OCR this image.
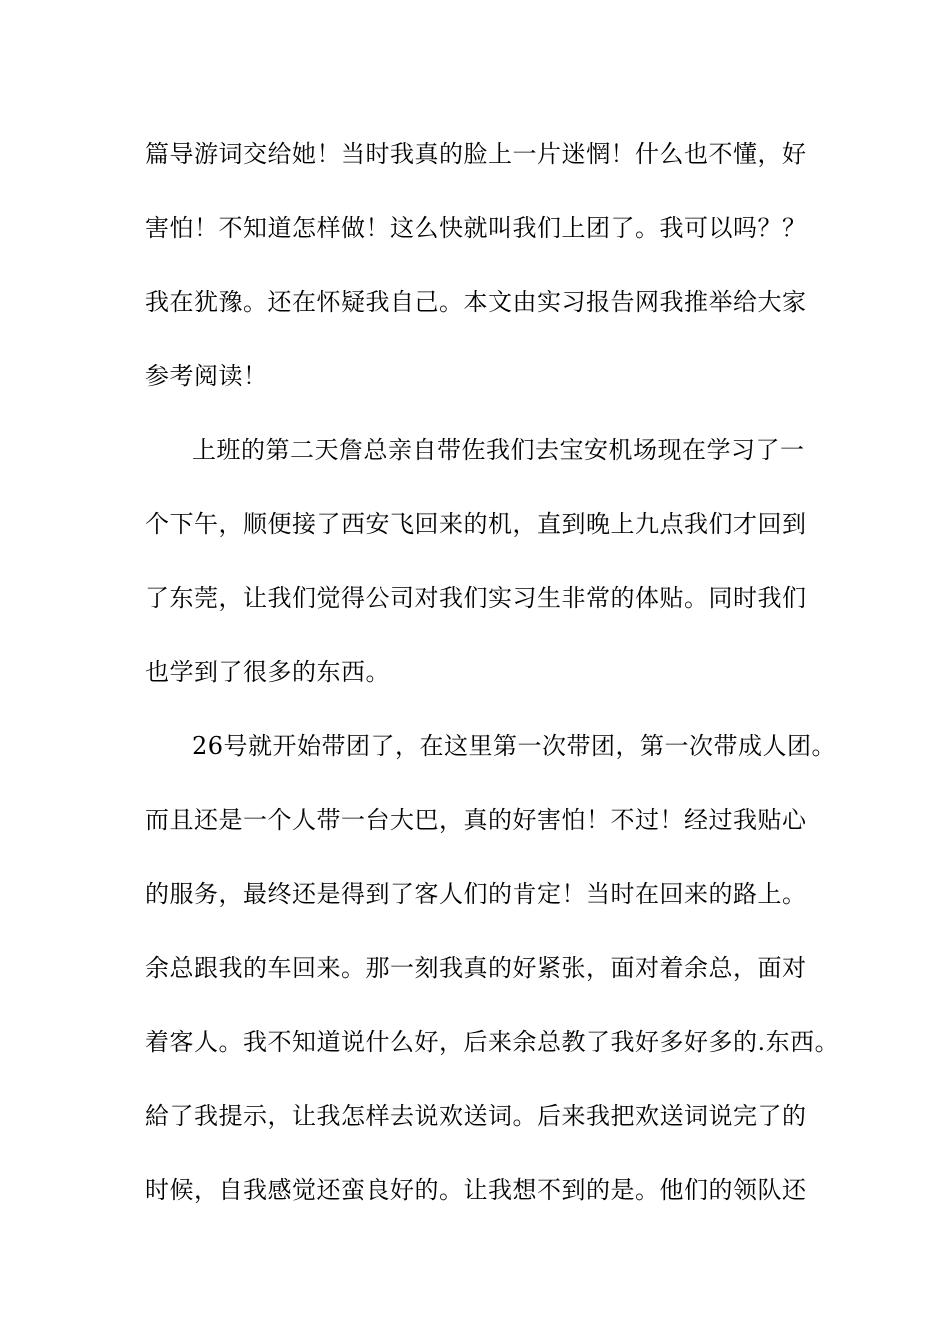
篇导游词交给她！当时我真的脸上一片迷惘！什么也不懂，好
害怕！不知道怎样做！这么快就叫我们上团了。我可以吗？？
我在犹豫。还在怀疑我自己。本文由实习报告网我推举给大家
参考阅读！
上班的第二天詹总亲自带佐我们去宝安机场现在学习了一
个下午，顺便接了西安飞回来的机，直到晚上九点我们才回到
了东莞，让我们觉得公司对我们实习生非常的体贴。同时我们
也学到了很多的东西。
26号就开始带团了，在这里第一次带团，第一次带成人团。
而且还是一个人带一台大巴，真的好害怕！不过！经过我贴心
的服务，最终还是得到了客人们的肯定！当时在回来的路上。
余总跟我的车回来。那一刻我真的好紧张，面对着余总，面对
着客人。我不知道说什么好，后来余总教了我好多好多的.东西。
給了我提示，让我怎样去说欢送词。后来我把欢送词说完了的
时候，自我感觉还蛮良好的。让我想不到的是。他们的领队还
